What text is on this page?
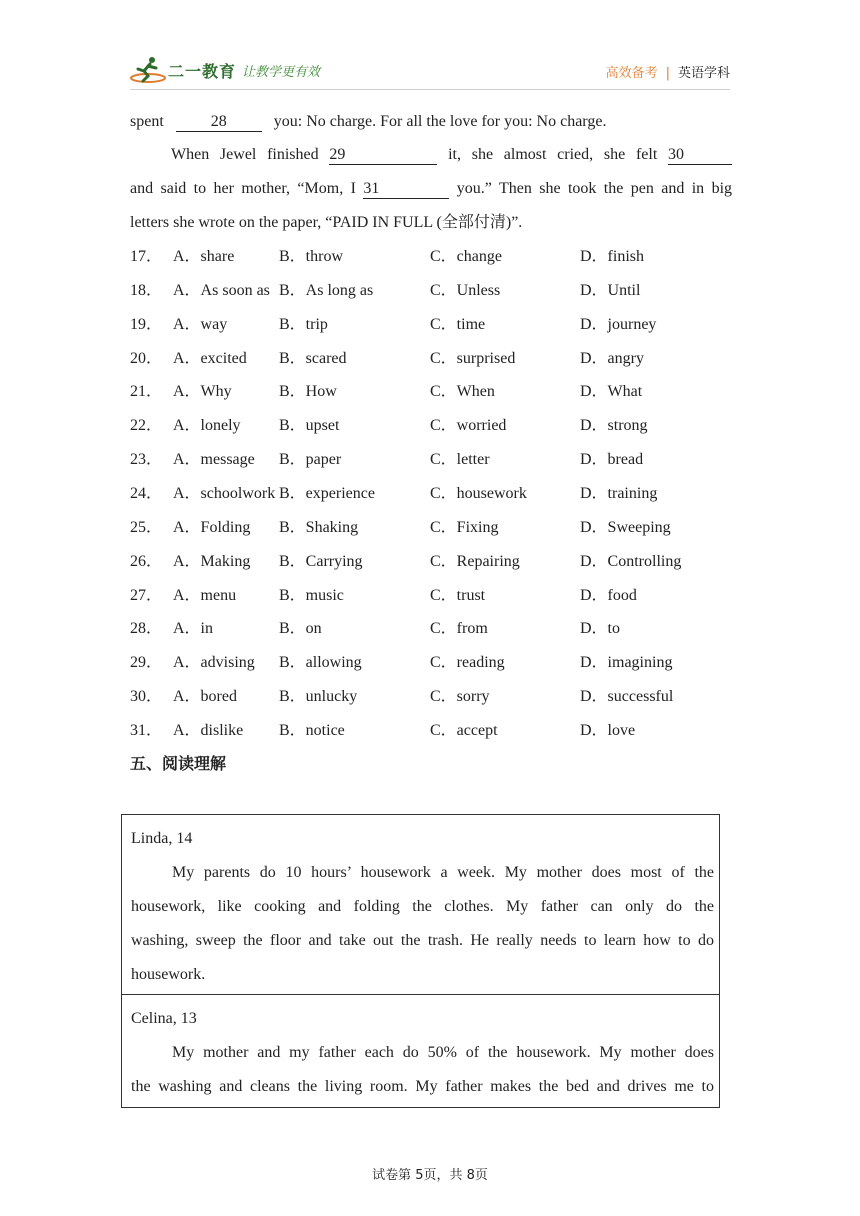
二一教育 让教学更有效	高效备考 | 英语学科
spent	28	you: No charge. For all the love for you: No charge.
When Jewel finished 29	it, she almost cried, she felt 30
and said to her mother, “Mom, I 31	you.” Then she took the pen and in big
letters she wrote on the paper, “PAID IN FULL (全部付清)”.
17． A．share	B．throw	C．change	D．finish
18． A．As soon as B．As long as	C．Unless	D．Until
19． A．way	B．trip	C．time	D．journey
20． A．excited B．scared	C．surprised	D．angry
21． A．Why	B．How	C．When	D．What
22． A．lonely B．upset	C．worried	D．strong
23． A．message B．paper	C．letter	D．bread
24． A．schoolwork B．experience	C．housework	D．training
25． A．Folding B．Shaking	C．Fixing	D．Sweeping
26． A．Making B．Carrying	C．Repairing	D．Controlling
27． A．menu	B．music	C．trust	D．food
28． A．in	B．on	C．from	D．to
29． A．advising B．allowing	C．reading	D．imagining
30． A．bored	B．unlucky	C．sorry	D．successful
31． A．dislike B．notice	C．accept	D．love
五、阅读理解
Linda, 14
My parents do 10 hours’ housework a week. My mother does most of the
housework, like cooking and folding the clothes. My father can only do the
washing, sweep the floor and take out the trash. He really needs to learn how to do
housework.
Celina, 13
My mother and my father each do 50% of the housework. My mother does
the washing and cleans the living room. My father makes the bed and drives me to
试卷第 5页，共 8页
